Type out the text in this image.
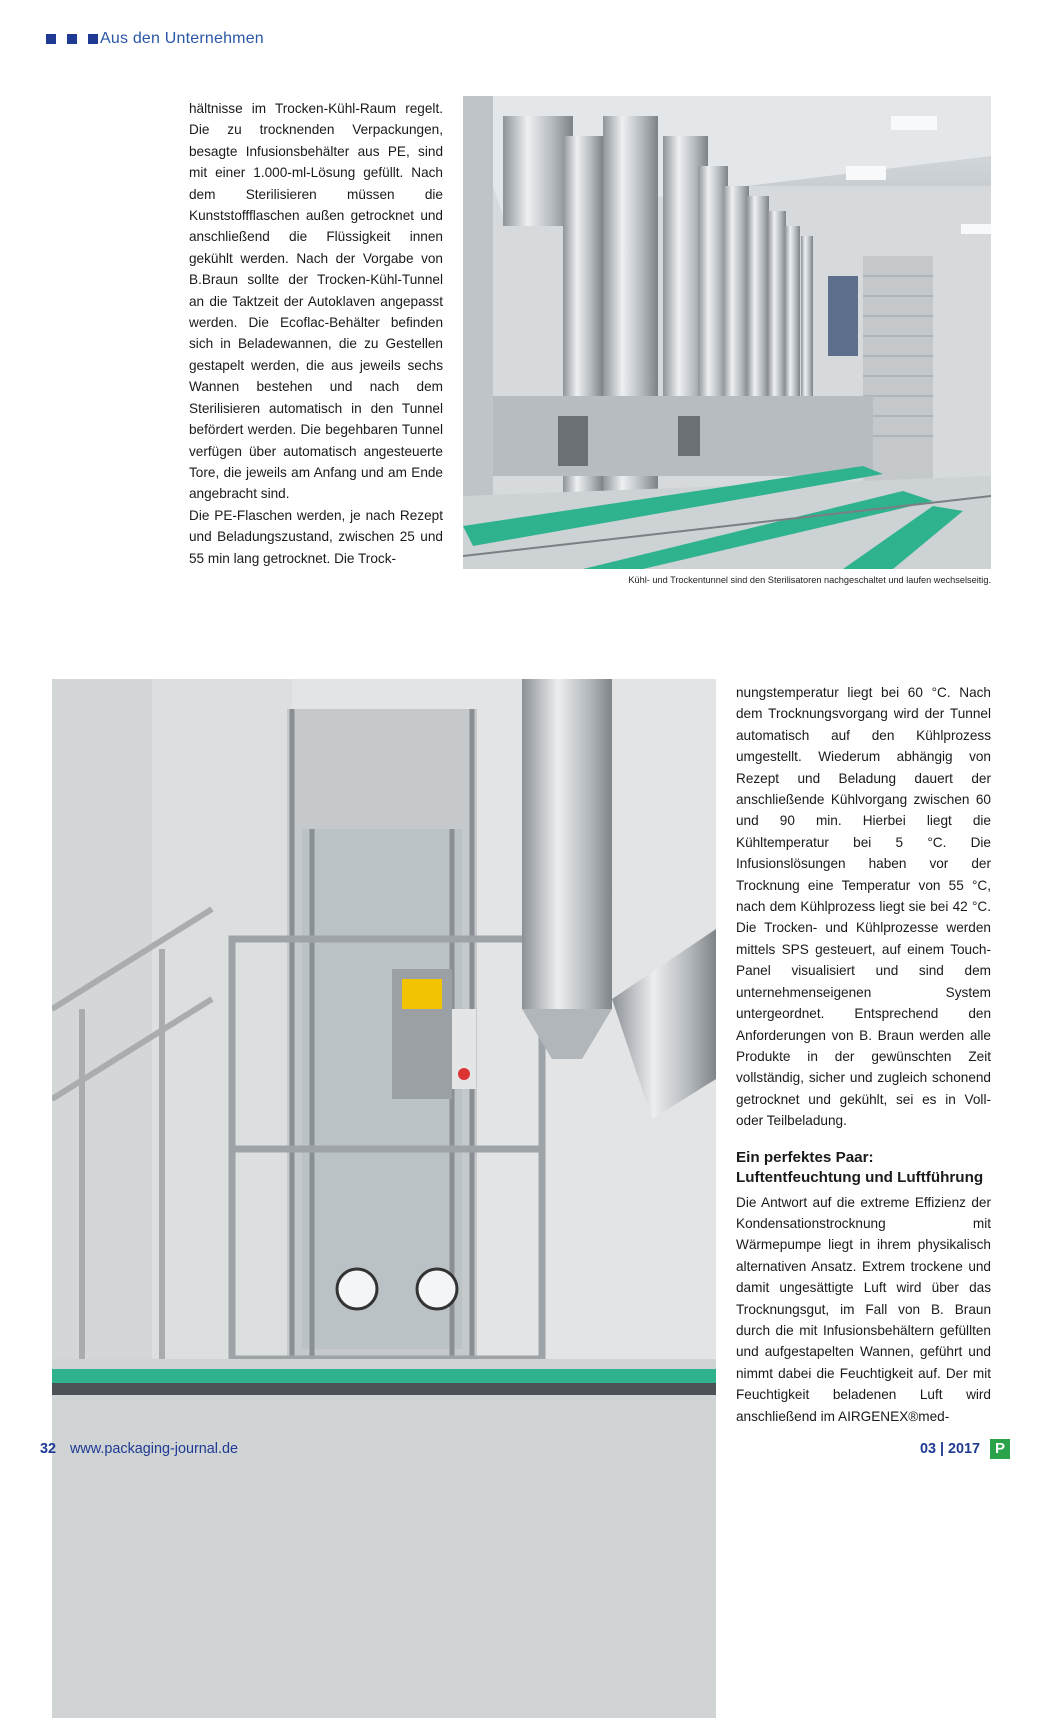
Aus den Unternehmen

hältnisse im Trocken-Kühl-Raum regelt. Die zu trocknenden Verpackungen, besagte Infusionsbehälter aus PE, sind mit einer 1.000-ml-Lösung gefüllt. Nach dem Sterilisieren müssen die Kunststoffflaschen außen getrocknet und anschließend die Flüssigkeit innen gekühlt werden. Nach der Vorgabe von B.Braun sollte der Trocken-Kühl-Tunnel an die Taktzeit der Autoklaven angepasst werden. Die Ecoflac-Behälter befinden sich in Beladewannen, die zu Gestellen gestapelt werden, die aus jeweils sechs Wannen bestehen und nach dem Sterilisieren automatisch in den Tunnel befördert werden. Die begehbaren Tunnel verfügen über automatisch angesteuerte Tore, die jeweils am Anfang und am Ende angebracht sind.

Die PE-Flaschen werden, je nach Rezept und Beladungszustand, zwischen 25 und 55 min lang getrocknet. Die Trock-

Kühl- und Trockentunnel sind den Sterilisatoren nachgeschaltet und laufen wechselseitig.

nungstemperatur liegt bei 60 °C. Nach dem Trocknungsvorgang wird der Tunnel automatisch auf den Kühlprozess umgestellt. Wiederum abhängig von Rezept und Beladung dauert der anschließende Kühlvorgang zwischen 60 und 90 min. Hierbei liegt die Kühltemperatur bei 5 °C. Die Infusionslösungen haben vor der Trocknung eine Temperatur von 55 °C, nach dem Kühlprozess liegt sie bei 42 °C. Die Trocken- und Kühlprozesse werden mittels SPS gesteuert, auf einem Touch-Panel visualisiert und sind dem unternehmenseigenen System untergeordnet. Entsprechend den Anforderungen von B. Braun werden alle Produkte in der gewünschten Zeit vollständig, sicher und zugleich schonend getrocknet und gekühlt, sei es in Voll- oder Teilbeladung.

Ein perfektes Paar: Luftentfeuchtung und Luftführung

Die Antwort auf die extreme Effizienz der Kondensationstrocknung mit Wärmepumpe liegt in ihrem physikalisch alternativen Ansatz. Extrem trockene und damit ungesättigte Luft wird über das Trocknungsgut, im Fall von B. Braun durch die mit Infusionsbehältern gefüllten und aufgestapelten Wannen, geführt und nimmt dabei die Feuchtigkeit auf. Der mit Feuchtigkeit beladenen Luft wird anschließend im AIRGENEX®med-

32 www.packaging-journal.de	03 | 2017 P
